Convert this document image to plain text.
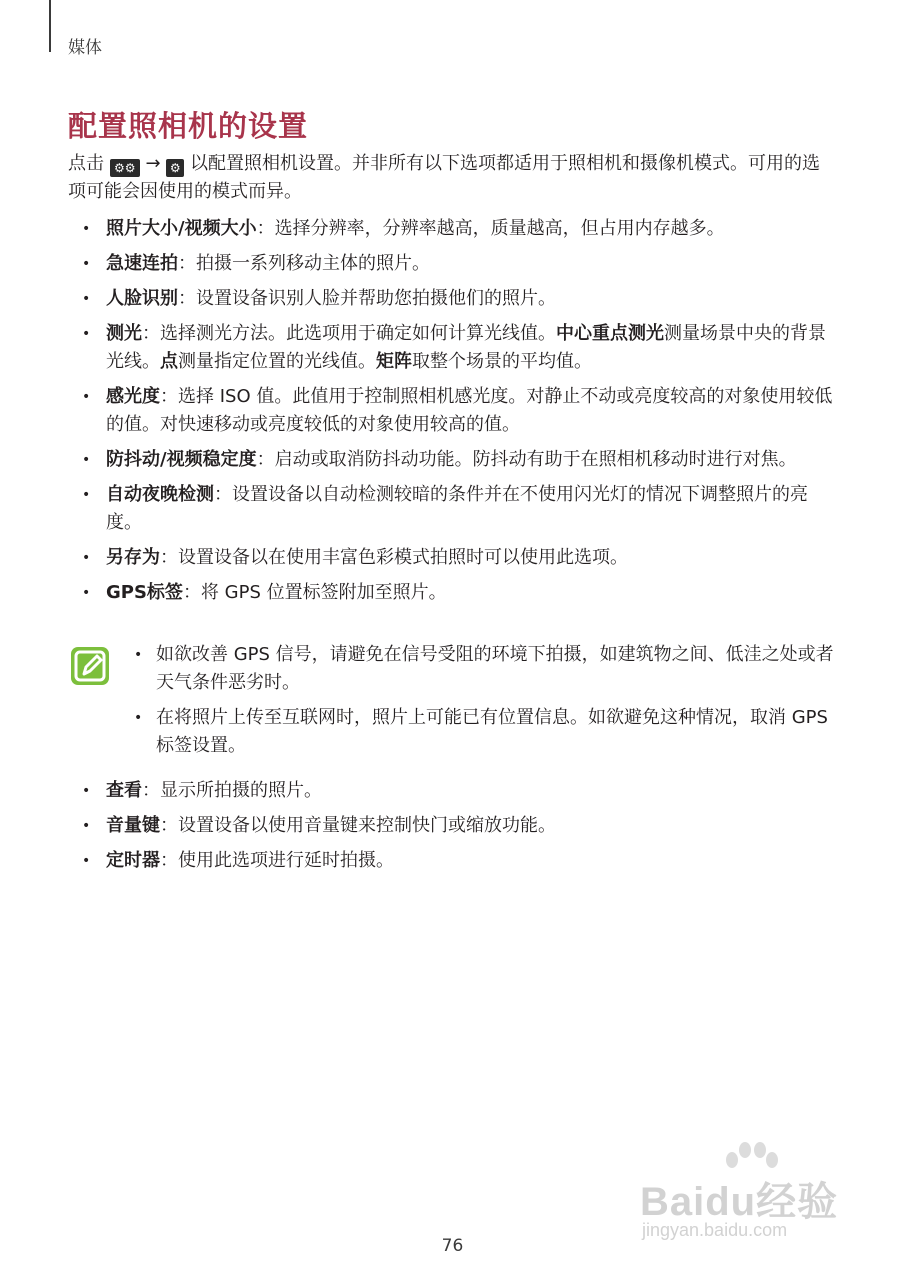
媒体
配置照相机的设置
点击 ⚙⚙ → ⚙ 以配置照相机设置。并非所有以下选项都适用于照相机和摄像机模式。可用的选项可能会因使用的模式而异。
• 照片大小/视频大小：选择分辨率，分辨率越高，质量越高，但占用内存越多。
• 急速连拍：拍摄一系列移动主体的照片。
• 人脸识别：设置设备识别人脸并帮助您拍摄他们的照片。
• 测光：选择测光方法。此选项用于确定如何计算光线值。中心重点测光测量场景中央的背景光线。点测量指定位置的光线值。矩阵取整个场景的平均值。
• 感光度：选择 ISO 值。此值用于控制照相机感光度。对静止不动或亮度较高的对象使用较低的值。对快速移动或亮度较低的对象使用较高的值。
• 防抖动/视频稳定度：启动或取消防抖动功能。防抖动有助于在照相机移动时进行对焦。
• 自动夜晚检测：设置设备以自动检测较暗的条件并在不使用闪光灯的情况下调整照片的亮度。
• 另存为：设置设备以在使用丰富色彩模式拍照时可以使用此选项。
• GPS标签：将 GPS 位置标签附加至照片。
• 如欲改善 GPS 信号，请避免在信号受阻的环境下拍摄，如建筑物之间、低洼之处或者天气条件恶劣时。
• 在将照片上传至互联网时，照片上可能已有位置信息。如欲避免这种情况，取消 GPS 标签设置。
• 查看：显示所拍摄的照片。
• 音量键：设置设备以使用音量键来控制快门或缩放功能。
• 定时器：使用此选项进行延时拍摄。
Baidu经验
jingyan.baidu.com
76
